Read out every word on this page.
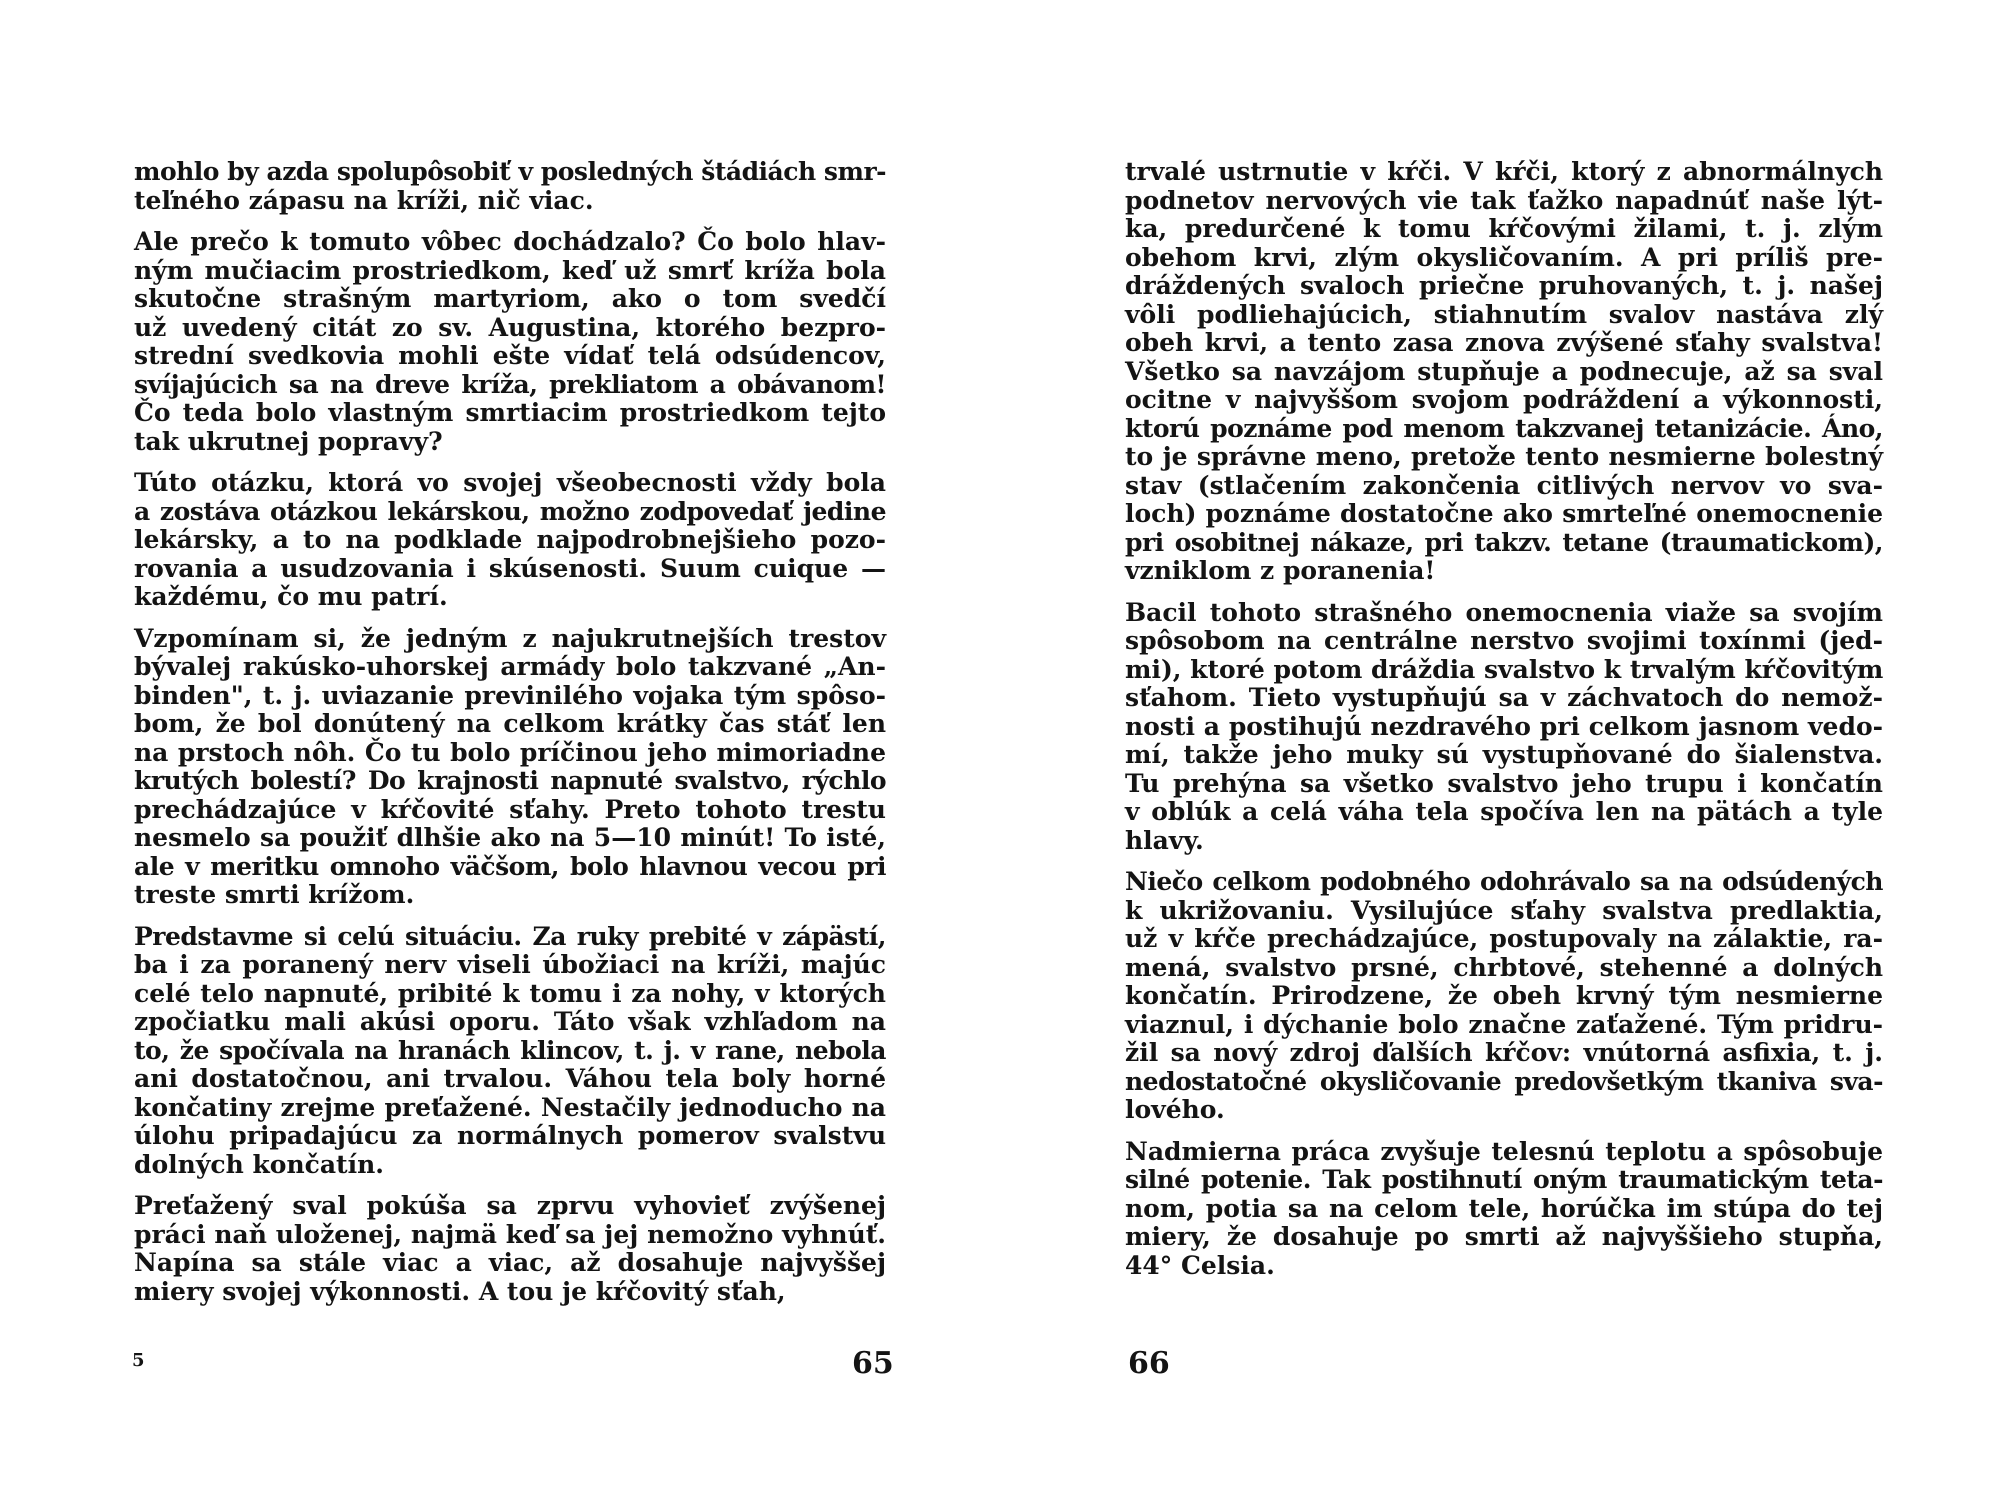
mohlo by azda spolupôsobiť v posledných štádiách smr-
teľného zápasu na kríži, nič viac.

Ale prečo k tomuto vôbec dochádzalo? Čo bolo hlav-
ným mučiacim prostriedkom, keď už smrť kríža bola
skutočne strašným martyriom, ako o tom svedčí
už uvedený citát zo sv. Augustina, ktorého bezpro-
strední svedkovia mohli ešte vídať telá odsúdencov,
svíjajúcich sa na dreve kríža, prekliatom a obávanom!
Čo teda bolo vlastným smrtiacim prostriedkom tejto
tak ukrutnej popravy?

Túto otázku, ktorá vo svojej všeobecnosti vždy bola
a zostáva otázkou lekárskou, možno zodpovedať jedine
lekársky, a to na podklade najpodrobnejšieho pozo-
rovania a usudzovania i skúsenosti. Suum cuique —
každému, čo mu patrí.

Vzpomínam si, že jedným z najukrutnejších trestov
bývalej rakúsko-uhorskej armády bolo takzvané „An-
binden", t. j. uviazanie previnilého vojaka tým spôso-
bom, že bol donútený na celkom krátky čas stáť len
na prstoch nôh. Čo tu bolo príčinou jeho mimoriadne
krutých bolestí? Do krajnosti napnuté svalstvo, rýchlo
prechádzajúce v kŕčovité sťahy. Preto tohoto trestu
nesmelo sa použiť dlhšie ako na 5—10 minút! To isté,
ale v meritku omnoho väčšom, bolo hlavnou vecou pri
treste smrti krížom.

Predstavme si celú situáciu. Za ruky prebité v zápästí,
ba i za poranený nerv viseli úbožiaci na kríži, majúc
celé telo napnuté, pribité k tomu i za nohy, v ktorých
zpočiatku mali akúsi oporu. Táto však vzhľadom na
to, že spočívala na hranách klincov, t. j. v rane, nebola
ani dostatočnou, ani trvalou. Váhou tela boly horné
končatiny zrejme preťažené. Nestačily jednoducho na
úlohu pripadajúcu za normálnych pomerov svalstvu
dolných končatín.

Preťažený sval pokúša sa zprvu vyhovieť zvýšenej
práci naň uloženej, najmä keď sa jej nemožno vyhnúť.
Napína sa stále viac a viac, až dosahuje najvyššej
miery svojej výkonnosti. A tou je kŕčovitý sťah,

5	65

trvalé ustrnutie v kŕči. V kŕči, ktorý z abnormálnych
podnetov nervových vie tak ťažko napadnúť naše lýt-
ka, predurčené k tomu kŕčovými žilami, t. j. zlým
obehom krvi, zlým okysličovaním. A pri príliš pre-
dráždených svaloch priečne pruhovaných, t. j. našej
vôli podliehajúcich, stiahnutím svalov nastáva zlý
obeh krvi, a tento zasa znova zvýšené sťahy svalstva!
Všetko sa navzájom stupňuje a podnecuje, až sa sval
ocitne v najvyššom svojom podráždení a výkonnosti,
ktorú poznáme pod menom takzvanej tetanizácie. Áno,
to je správne meno, pretože tento nesmierne bolestný
stav (stlačením zakončenia citlivých nervov vo sva-
loch) poznáme dostatočne ako smrteľné onemocnenie
pri osobitnej nákaze, pri takzv. tetane (traumatickom),
vzniklom z poranenia!

Bacil tohoto strašného onemocnenia viaže sa svojím
spôsobom na centrálne nerstvo svojimi toxínmi (jed-
mi), ktoré potom dráždia svalstvo k trvalým kŕčovitým
sťahom. Tieto vystupňujú sa v záchvatoch do nemož-
nosti a postihujú nezdravého pri celkom jasnom vedo-
mí, takže jeho muky sú vystupňované do šialenstva.
Tu prehýna sa všetko svalstvo jeho trupu i končatín
v oblúk a celá váha tela spočíva len na pätách a tyle
hlavy.

Niečo celkom podobného odohrávalo sa na odsúdených
k ukrižovaniu. Vysilujúce sťahy svalstva predlaktia,
už v kŕče prechádzajúce, postupovaly na zálaktie, ra-
mená, svalstvo prsné, chrbtové, stehenné a dolných
končatín. Prirodzene, že obeh krvný tým nesmierne
viaznul, i dýchanie bolo značne zaťažené. Tým pridru-
žil sa nový zdroj ďalších kŕčov: vnútorná asfixia, t. j.
nedostatočné okysličovanie predovšetkým tkaniva sva-
lového.

Nadmierna práca zvyšuje telesnú teplotu a spôsobuje
silné potenie. Tak postihnutí oným traumatickým teta-
nom, potia sa na celom tele, horúčka im stúpa do tej
miery, že dosahuje po smrti až najvyššieho stupňa,
44° Celsia.

66
